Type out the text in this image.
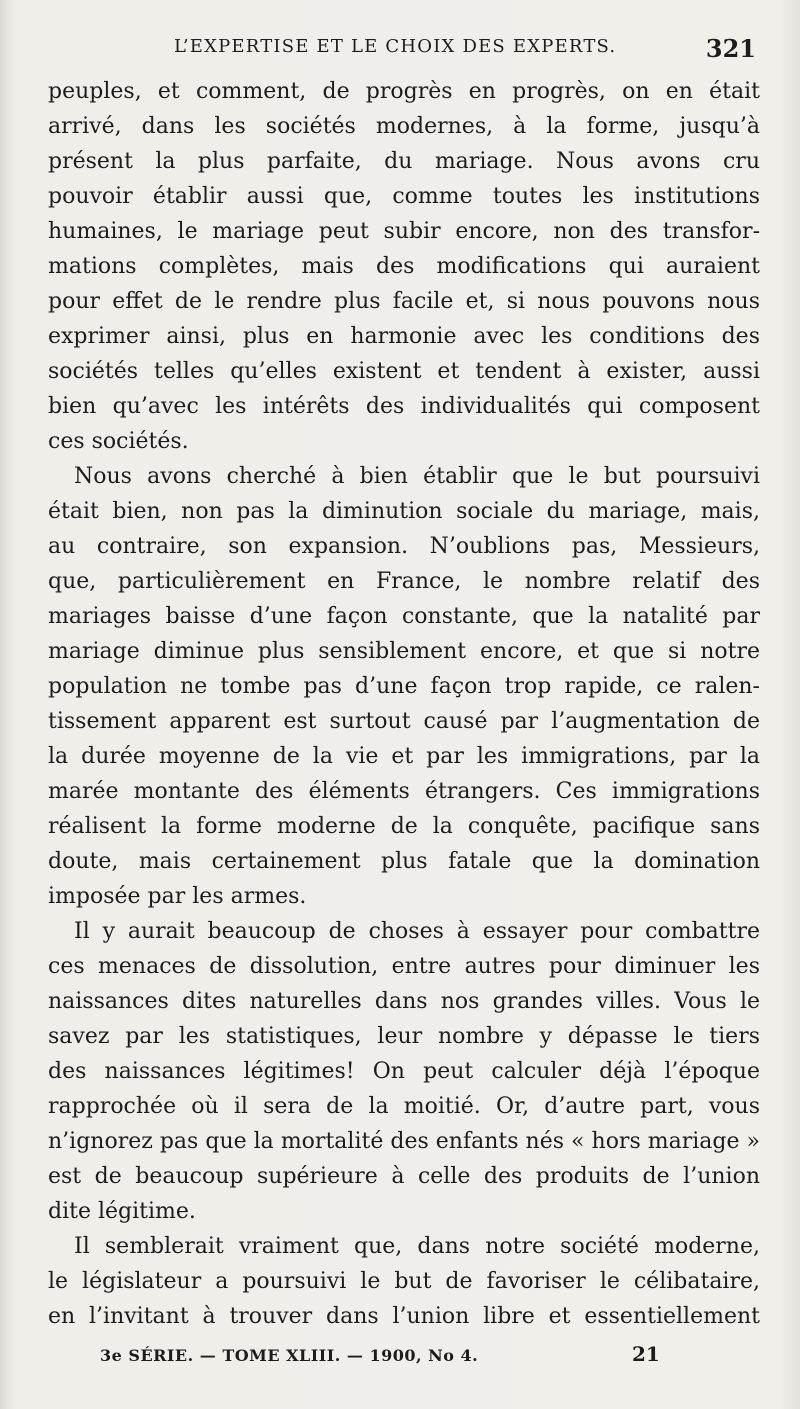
L’EXPERTISE ET LE CHOIX DES EXPERTS.	321
peuples, et comment, de progrès en progrès, on en était
arrivé, dans les sociétés modernes, à la forme, jusqu’à
présent la plus parfaite, du mariage. Nous avons cru
pouvoir établir aussi que, comme toutes les institutions
humaines, le mariage peut subir encore, non des transfor-
mations complètes, mais des modifications qui auraient
pour effet de le rendre plus facile et, si nous pouvons nous
exprimer ainsi, plus en harmonie avec les conditions des
sociétés telles qu’elles existent et tendent à exister, aussi
bien qu’avec les intérêts des individualités qui composent
ces sociétés.
Nous avons cherché à bien établir que le but poursuivi
était bien, non pas la diminution sociale du mariage, mais,
au contraire, son expansion. N’oublions pas, Messieurs,
que, particulièrement en France, le nombre relatif des
mariages baisse d’une façon constante, que la natalité par
mariage diminue plus sensiblement encore, et que si notre
population ne tombe pas d’une façon trop rapide, ce ralen-
tissement apparent est surtout causé par l’augmentation de
la durée moyenne de la vie et par les immigrations, par la
marée montante des éléments étrangers. Ces immigrations
réalisent la forme moderne de la conquête, pacifique sans
doute, mais certainement plus fatale que la domination
imposée par les armes.
Il y aurait beaucoup de choses à essayer pour combattre
ces menaces de dissolution, entre autres pour diminuer les
naissances dites naturelles dans nos grandes villes. Vous le
savez par les statistiques, leur nombre y dépasse le tiers
des naissances légitimes! On peut calculer déjà l’époque
rapprochée où il sera de la moitié. Or, d’autre part, vous
n’ignorez pas que la mortalité des enfants nés « hors mariage »
est de beaucoup supérieure à celle des produits de l’union
dite légitime.
Il semblerait vraiment que, dans notre société moderne,
le législateur a poursuivi le but de favoriser le célibataire,
en l’invitant à trouver dans l’union libre et essentiellement
3e SÉRIE. — TOME XLIII. — 1900, No 4.	21
